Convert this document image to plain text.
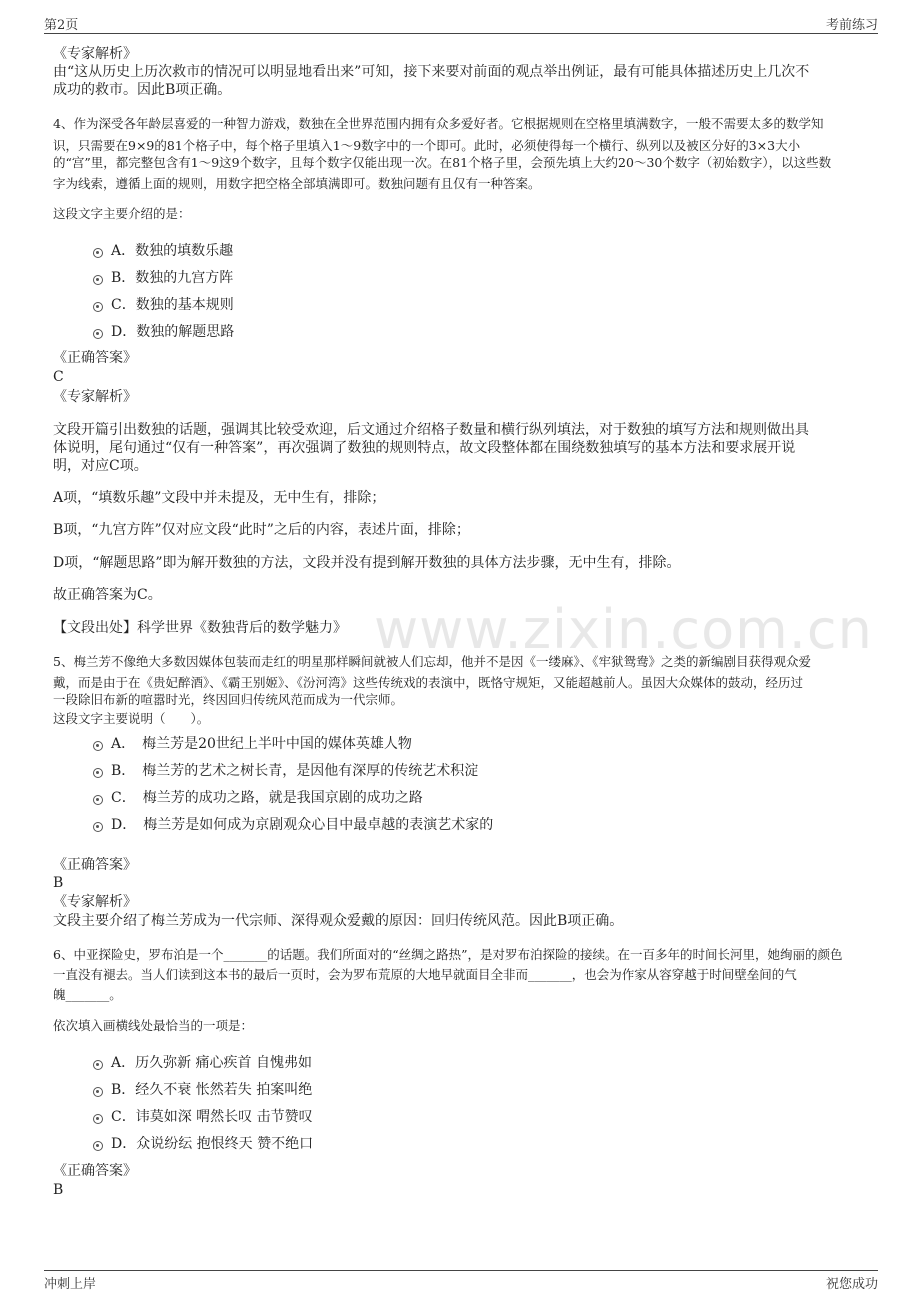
第2页	考前练习
www.zixin.com.cn
《专家解析》
由“这从历史上历次救市的情况可以明显地看出来”可知，接下来要对前面的观点举出例证，最有可能具体描述历史上几次不
成功的救市。因此B项正确。
4、作为深受各年龄层喜爱的一种智力游戏，数独在全世界范围内拥有众多爱好者。它根据规则在空格里填满数字，一般不需要太多的数学知
识，只需要在9×9的81个格子中，每个格子里填入1～9数字中的一个即可。此时，必须使得每一个横行、纵列以及被区分好的3×3大小
的“宫”里，都完整包含有1～9这9个数字，且每个数字仅能出现一次。在81个格子里，会预先填上大约20～30个数字（初始数字），以这些数
字为线索，遵循上面的规则，用数字把空格全部填满即可。数独问题有且仅有一种答案。
这段文字主要介绍的是：
A．数独的填数乐趣
B．数独的九宫方阵
C．数独的基本规则
D．数独的解题思路
《正确答案》
C
《专家解析》
文段开篇引出数独的话题，强调其比较受欢迎，后文通过介绍格子数量和横行纵列填法，对于数独的填写方法和规则做出具
体说明，尾句通过“仅有一种答案”，再次强调了数独的规则特点，故文段整体都在围绕数独填写的基本方法和要求展开说
明，对应C项。
A项，“填数乐趣”文段中并未提及，无中生有，排除；
B项，“九宫方阵”仅对应文段“此时”之后的内容，表述片面，排除；
D项，“解题思路”即为解开数独的方法，文段并没有提到解开数独的具体方法步骤，无中生有，排除。
故正确答案为C。
【文段出处】科学世界《数独背后的数学魅力》
5、梅兰芳不像绝大多数因媒体包装而走红的明星那样瞬间就被人们忘却，他并不是因《一缕麻》、《牢狱鸳鸯》之类的新编剧目获得观众爱
戴，而是由于在《贵妃醉酒》、《霸王别姬》、《汾河湾》这些传统戏的表演中，既恪守规矩，又能超越前人。虽因大众媒体的鼓动，经历过
一段除旧布新的喧嚣时光，终因回归传统风范而成为一代宗师。
这段文字主要说明（　　）。
A．　梅兰芳是20世纪上半叶中国的媒体英雄人物
B．　梅兰芳的艺术之树长青，是因他有深厚的传统艺术积淀
C．　梅兰芳的成功之路，就是我国京剧的成功之路
D．　梅兰芳是如何成为京剧观众心目中最卓越的表演艺术家的
《正确答案》
B
《专家解析》
文段主要介绍了梅兰芳成为一代宗师、深得观众爱戴的原因：回归传统风范。因此B项正确。
6、中亚探险史，罗布泊是一个_______的话题。我们所面对的“丝绸之路热”，是对罗布泊探险的接续。在一百多年的时间长河里，她绚丽的颜色
一直没有褪去。当人们读到这本书的最后一页时，会为罗布荒原的大地早就面目全非而_______，也会为作家从容穿越于时间壁垒间的气
魄_______。
依次填入画横线处最恰当的一项是：
A．历久弥新 痛心疾首 自愧弗如
B．经久不衰 怅然若失 拍案叫绝
C．讳莫如深 喟然长叹 击节赞叹
D．众说纷纭 抱恨终天 赞不绝口
《正确答案》
B
冲刺上岸	祝您成功
